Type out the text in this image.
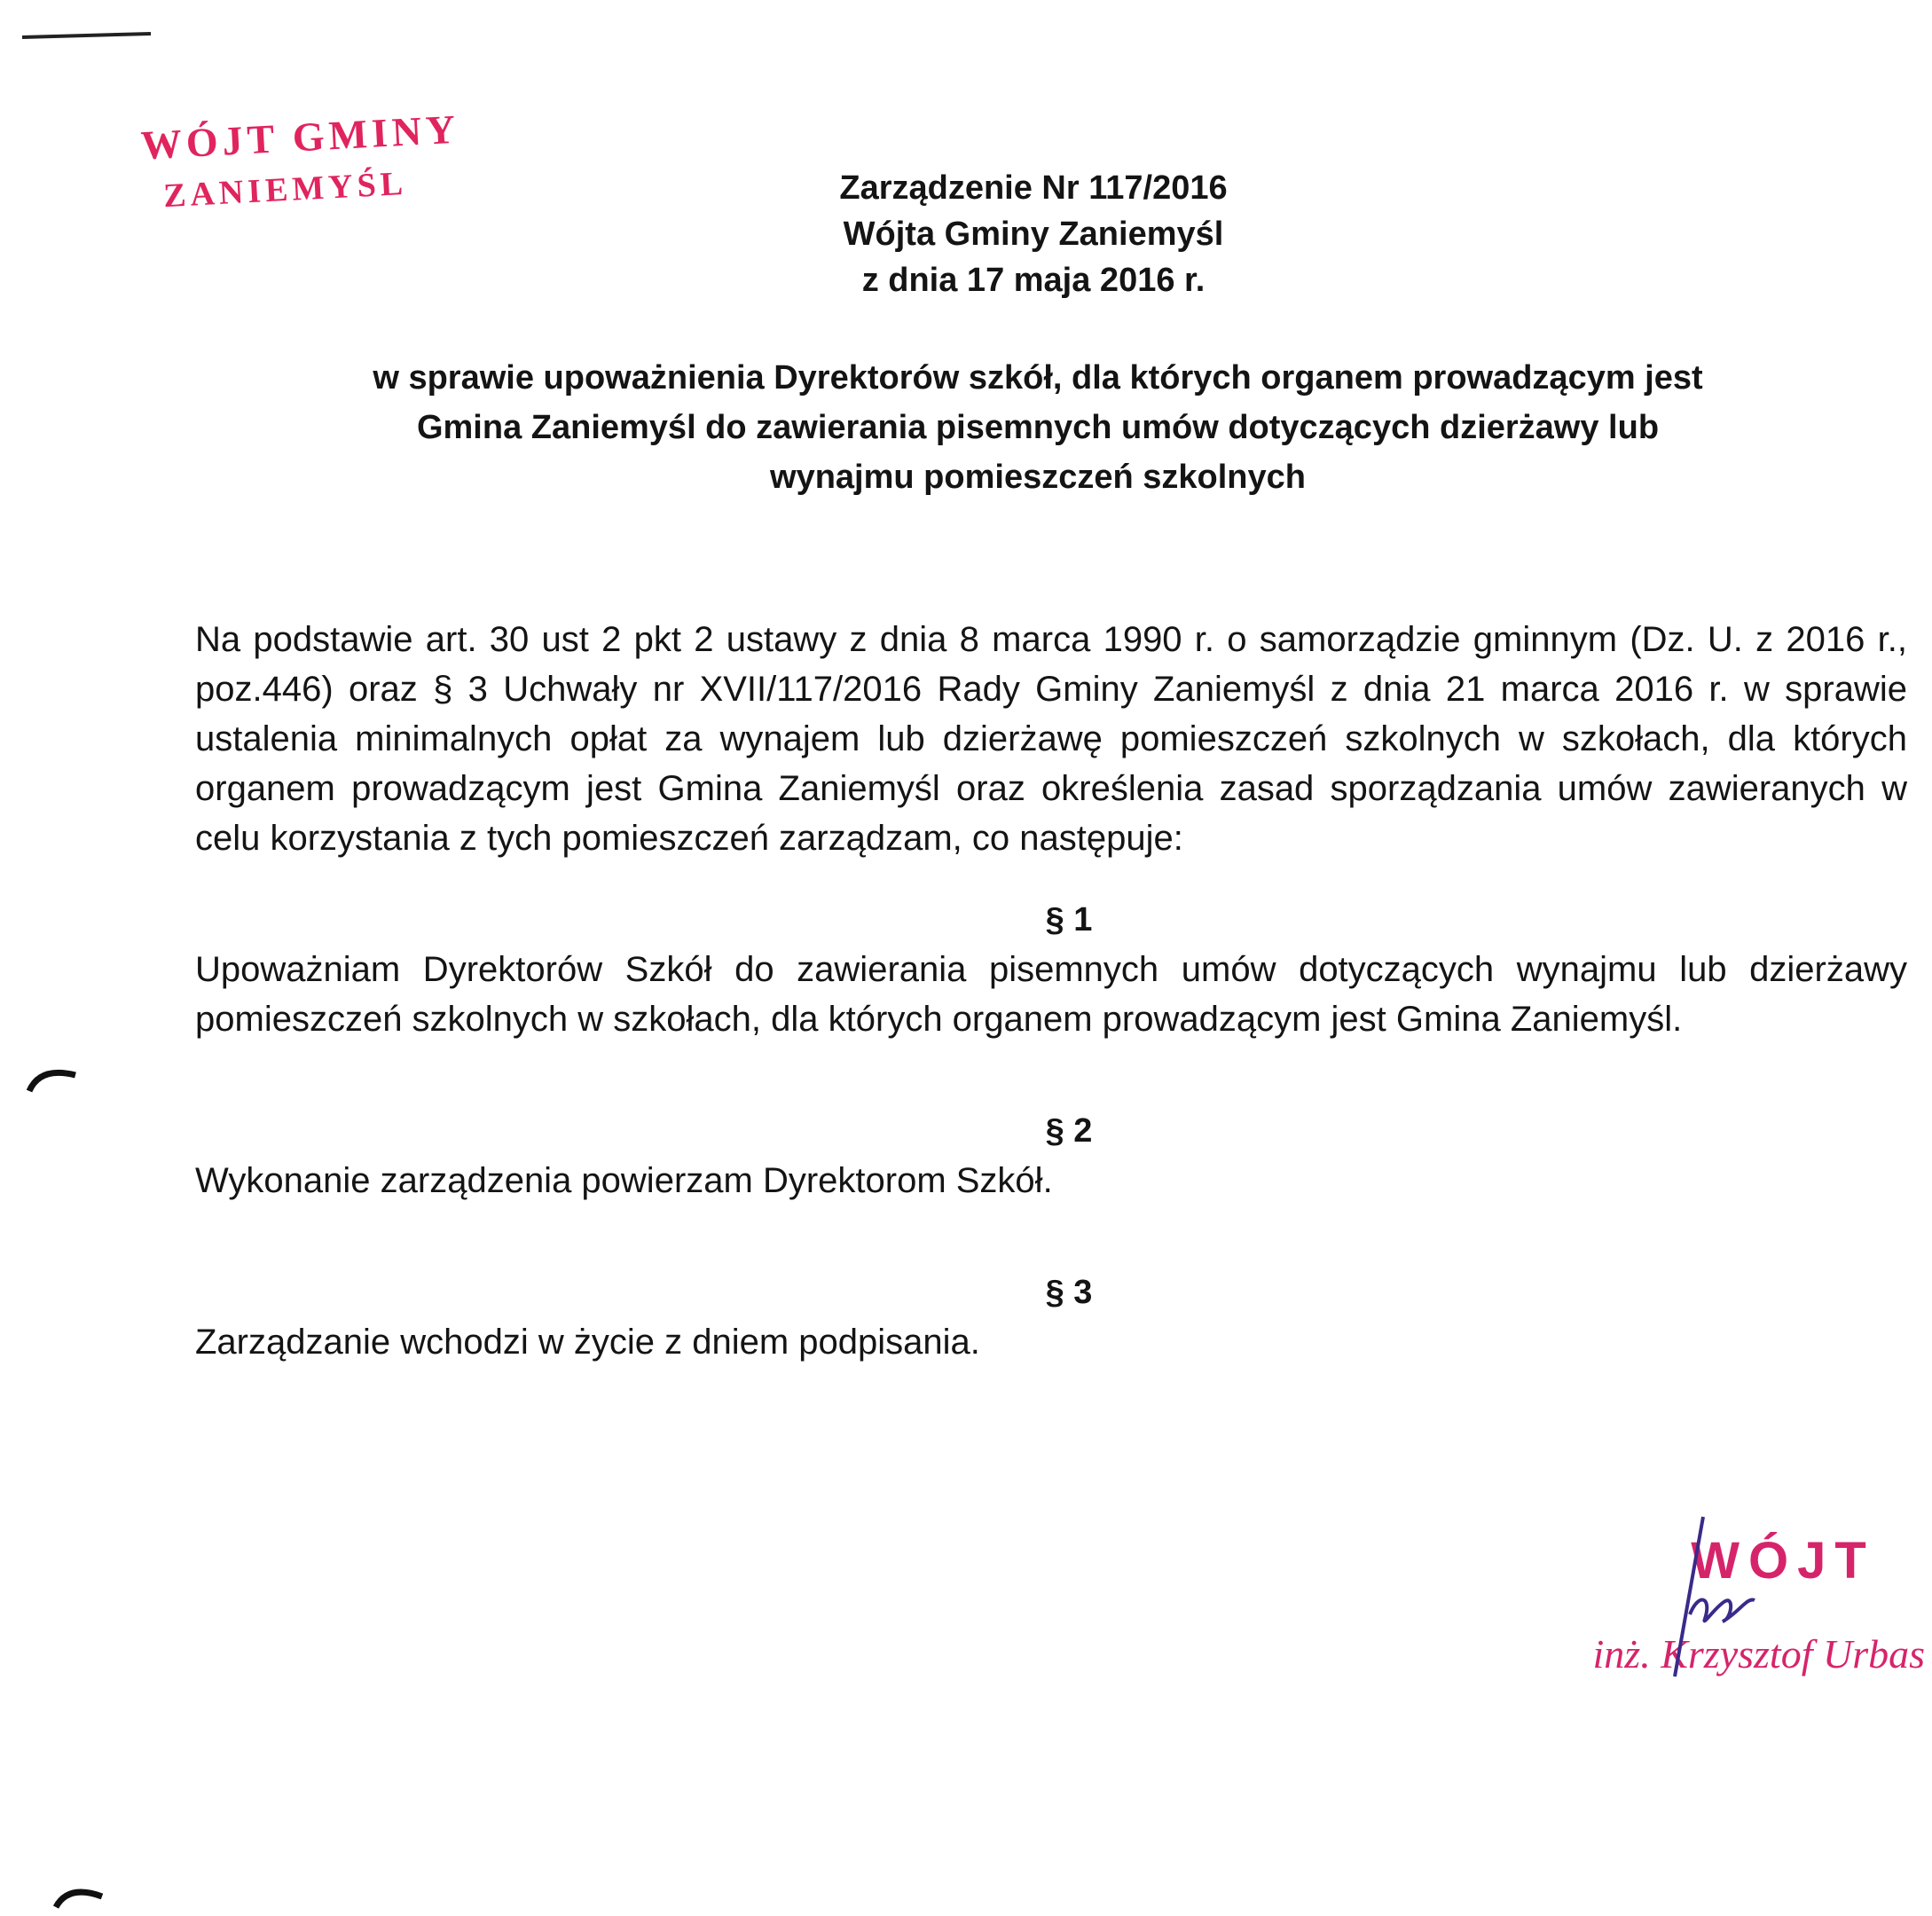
WÓJT GMINY
ZANIEMYŚL	Zarządzenie Nr 117/2016
Wójta Gminy Zaniemyśl
z dnia 17 maja 2016 r.
w sprawie upoważnienia Dyrektorów szkół, dla których organem prowadzącym jest
Gmina Zaniemyśl do zawierania pisemnych umów dotyczących dzierżawy lub
wynajmu pomieszczeń szkolnych

Na podstawie art. 30 ust 2 pkt 2 ustawy z dnia 8 marca 1990 r. o samorządzie gminnym (Dz. U. z 2016 r., poz.446) oraz § 3 Uchwały nr XVII/117/2016 Rady Gminy Zaniemyśl z dnia 21 marca 2016 r. w sprawie ustalenia minimalnych opłat za wynajem lub dzierżawę pomieszczeń szkolnych w szkołach, dla których organem prowadzącym jest Gmina Zaniemyśl oraz określenia zasad sporządzania umów zawieranych w celu korzystania z tych pomieszczeń zarządzam, co następuje:

§ 1

Upoważniam Dyrektorów Szkół do zawierania pisemnych umów dotyczących wynajmu lub dzierżawy pomieszczeń szkolnych w szkołach, dla których organem prowadzącym jest Gmina Zaniemyśl.

§ 2

Wykonanie zarządzenia powierzam Dyrektorom Szkół.

§ 3

Zarządzanie wchodzi w życie z dniem podpisania.

WÓJT
inż. Krzysztof Urbas
